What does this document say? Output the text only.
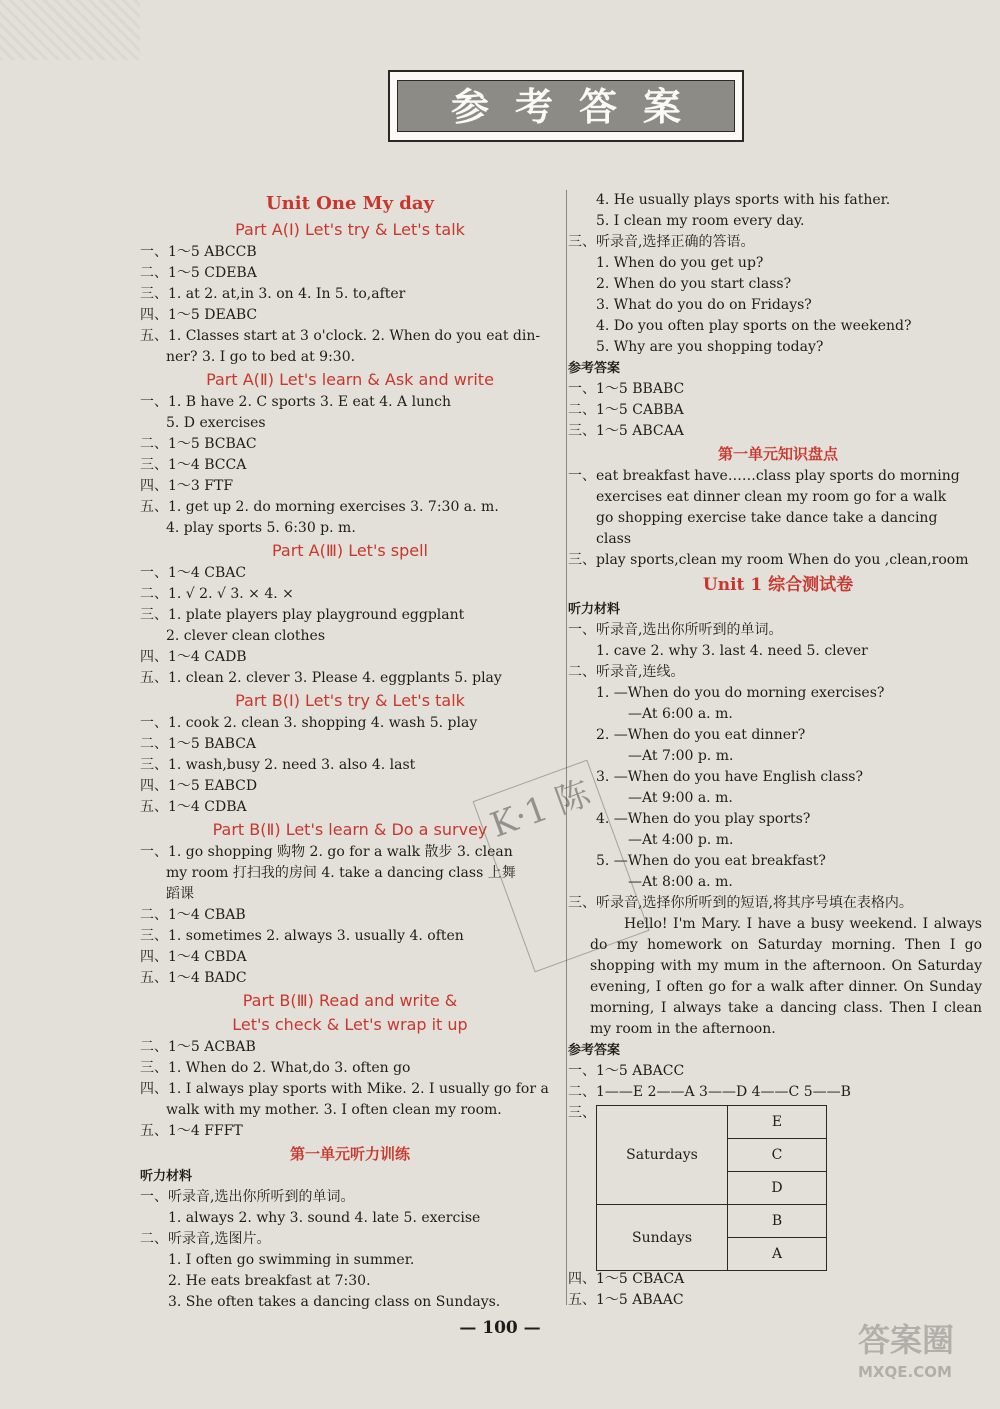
参考答案
Unit One My day
Part A(Ⅰ) Let's try & Let's talk
一、1～5 ABCCB
二、1～5 CDEBA
三、1. at 2. at,in 3. on 4. In 5. to,after
四、1～5 DEABC
五、1. Classes start at 3 o'clock. 2. When do you eat din-
ner? 3. I go to bed at 9:30.
Part A(Ⅱ) Let's learn & Ask and write
一、1. B have 2. C sports 3. E eat 4. A lunch
5. D exercises
二、1～5 BCBAC
三、1～4 BCCA
四、1～3 FTF
五、1. get up 2. do morning exercises 3. 7:30 a. m.
4. play sports 5. 6:30 p. m.
Part A(Ⅲ) Let's spell
一、1～4 CBAC
二、1. √ 2. √ 3. × 4. ×
三、1. plate players play playground eggplant
2. clever clean clothes
四、1～4 CADB
五、1. clean 2. clever 3. Please 4. eggplants 5. play
Part B(Ⅰ) Let's try & Let's talk
一、1. cook 2. clean 3. shopping 4. wash 5. play
二、1～5 BABCA
三、1. wash,busy 2. need 3. also 4. last
四、1～5 EABCD
五、1～4 CDBA
Part B(Ⅱ) Let's learn & Do a survey
一、1. go shopping 购物 2. go for a walk 散步 3. clean
my room 打扫我的房间 4. take a dancing class 上舞
蹈课
二、1～4 CBAB
三、1. sometimes 2. always 3. usually 4. often
四、1～4 CBDA
五、1～4 BADC
Part B(Ⅲ) Read and write &
Let's check & Let's wrap it up
二、1～5 ACBAB
三、1. When do 2. What,do 3. often go
四、1. I always play sports with Mike. 2. I usually go for a
walk with my mother. 3. I often clean my room.
五、1～4 FFFT
第一单元听力训练
听力材料
一、听录音,选出你所听到的单词。
1. always 2. why 3. sound 4. late 5. exercise
二、听录音,选图片。
1. I often go swimming in summer.
2. He eats breakfast at 7:30.
3. She often takes a dancing class on Sundays.
4. He usually plays sports with his father.
5. I clean my room every day.
三、听录音,选择正确的答语。
1. When do you get up?
2. When do you start class?
3. What do you do on Fridays?
4. Do you often play sports on the weekend?
5. Why are you shopping today?
参考答案
一、1～5 BBABC
二、1～5 CABBA
三、1～5 ABCAA
第一单元知识盘点
一、eat breakfast have……class play sports do morning
exercises eat dinner clean my room go for a walk
go shopping exercise take dance take a dancing
class
三、play sports,clean my room When do you ,clean,room
Unit 1 综合测试卷
听力材料
一、听录音,选出你所听到的单词。
1. cave 2. why 3. last 4. need 5. clever
二、听录音,连线。
1. —When do you do morning exercises?
—At 6:00 a. m.
2. —When do you eat dinner?
—At 7:00 p. m.
3. —When do you have English class?
—At 9:00 a. m.
4. —When do you play sports?
—At 4:00 p. m.
5. —When do you eat breakfast?
—At 8:00 a. m.
三、听录音,选择你所听到的短语,将其序号填在表格内。
Hello! I'm Mary. I have a busy weekend. I always do my homework on Saturday morning. Then I go shopping with my mum in the afternoon. On Saturday evening, I often go for a walk after dinner. On Sunday morning, I always take a dancing class. Then I clean my room in the afternoon.
参考答案
一、1～5 ABACC
二、1——E 2——A 3——D 4——C 5——B
三、
Saturdays	E
	C
	D
Sundays	B
	A
四、1～5 CBACA
五、1～5 ABAAC
K·1 陈
— 100 —	答案圈
MXQE.COM
